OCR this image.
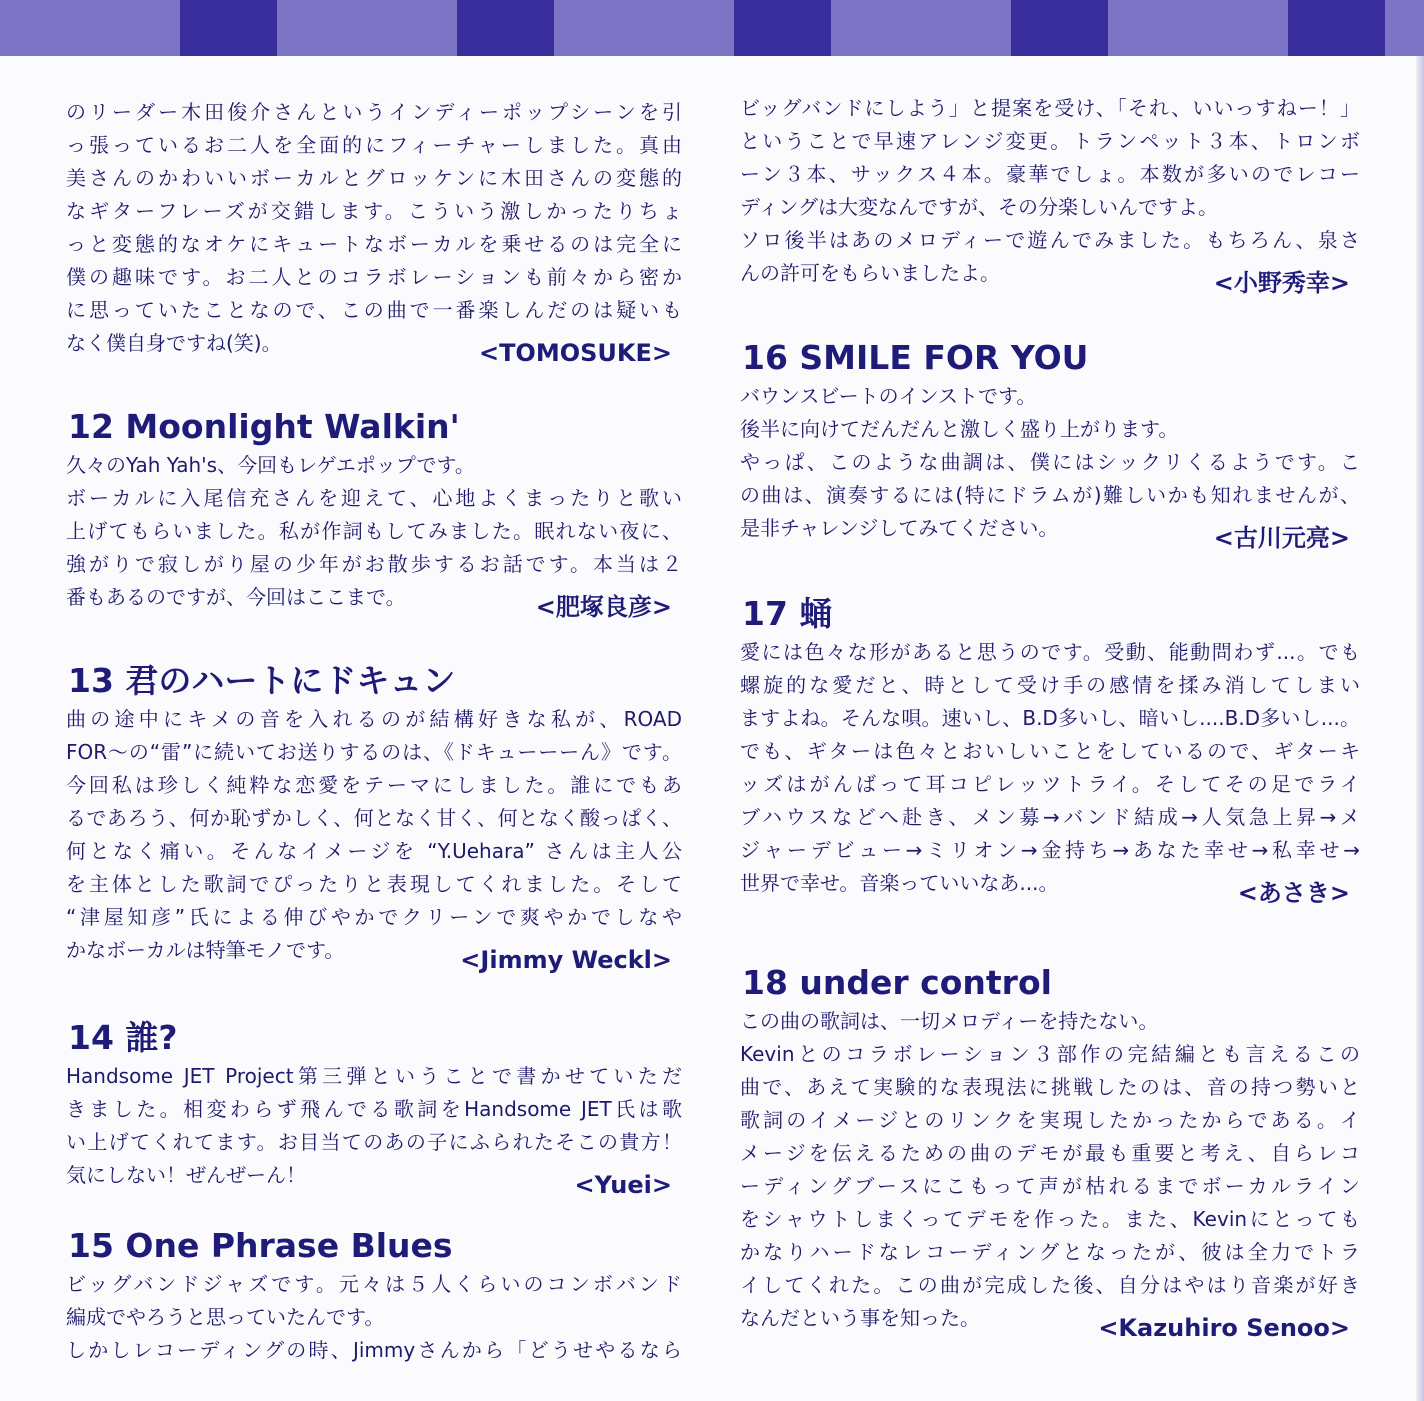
のリーダー木田俊介さんというインディーポップシーンを引
っ張っているお二人を全面的にフィーチャーしました。真由
美さんのかわいいボーカルとグロッケンに木田さんの変態的
なギターフレーズが交錯します。こういう激しかったりちょ
っと変態的なオケにキュートなボーカルを乗せるのは完全に
僕の趣味です。お二人とのコラボレーションも前々から密か
に思っていたことなので、この曲で一番楽しんだのは疑いも
なく僕自身ですね(笑)。	<TOMOSUKE>
12 Moonlight Walkin'
久々のYah Yah's、今回もレゲエポップです。
ボーカルに入尾信充さんを迎えて、心地よくまったりと歌い
上げてもらいました。私が作詞もしてみました。眠れない夜に、
強がりで寂しがり屋の少年がお散歩するお話です。本当は２
番もあるのですが、今回はここまで。	<肥塚良彦>
13 君のハートにドキュン
曲の途中にキメの音を入れるのが結構好きな私が、ROAD
FOR～の“雷”に続いてお送りするのは、《ドキューーーん》です。
今回私は珍しく純粋な恋愛をテーマにしました。誰にでもあ
るであろう、何か恥ずかしく、何となく甘く、何となく酸っぱく、
何となく痛い。そんなイメージを “Y.Uehara” さんは主人公
を主体とした歌詞でぴったりと表現してくれました。そして
“津屋知彦”氏による伸びやかでクリーンで爽やかでしなや
かなボーカルは特筆モノです。	<Jimmy Weckl>
14 誰?
Handsome JET Project第三弾ということで書かせていただ
きました。相変わらず飛んでる歌詞をHandsome JET氏は歌
い上げてくれてます。お目当てのあの子にふられたそこの貴方！
気にしない！ぜんぜーん！	<Yuei>
15 One Phrase Blues
ビッグバンドジャズです。元々は５人くらいのコンボバンド
編成でやろうと思っていたんです。
しかしレコーディングの時、Jimmyさんから「どうせやるなら
ビッグバンドにしよう」と提案を受け、「それ、いいっすねー！」
ということで早速アレンジ変更。トランペット３本、トロンボ
ーン３本、サックス４本。豪華でしょ。本数が多いのでレコー
ディングは大変なんですが、その分楽しいんですよ。
ソロ後半はあのメロディーで遊んでみました。もちろん、泉さ
んの許可をもらいましたよ。	<小野秀幸>
16 SMILE FOR YOU
バウンスビートのインストです。
後半に向けてだんだんと激しく盛り上がります。
やっぱ、このような曲調は、僕にはシックリくるようです。こ
の曲は、演奏するには(特にドラムが)難しいかも知れませんが、
是非チャレンジしてみてください。	<古川元亮>
17 蛹
愛には色々な形があると思うのです。受動、能動問わず...。でも
螺旋的な愛だと、時として受け手の感情を揉み消してしまい
ますよね。そんな唄。速いし、B.D多いし、暗いし....B.D多いし...。
でも、ギターは色々とおいしいことをしているので、ギターキ
ッズはがんばって耳コピレッツトライ。そしてその足でライ
ブハウスなどへ赴き、メン募→バンド結成→人気急上昇→メ
ジャーデビュー→ミリオン→金持ち→あなた幸せ→私幸せ→
世界で幸せ。音楽っていいなあ...。	<あさき>
18 under control
この曲の歌詞は、一切メロディーを持たない。
Kevinとのコラボレーション３部作の完結編とも言えるこの
曲で、あえて実験的な表現法に挑戦したのは、音の持つ勢いと
歌詞のイメージとのリンクを実現したかったからである。イ
メージを伝えるための曲のデモが最も重要と考え、自らレコ
ーディングブースにこもって声が枯れるまでボーカルライン
をシャウトしまくってデモを作った。また、Kevinにとっても
かなりハードなレコーディングとなったが、彼は全力でトラ
イしてくれた。この曲が完成した後、自分はやはり音楽が好き
なんだという事を知った。	<Kazuhiro Senoo>
